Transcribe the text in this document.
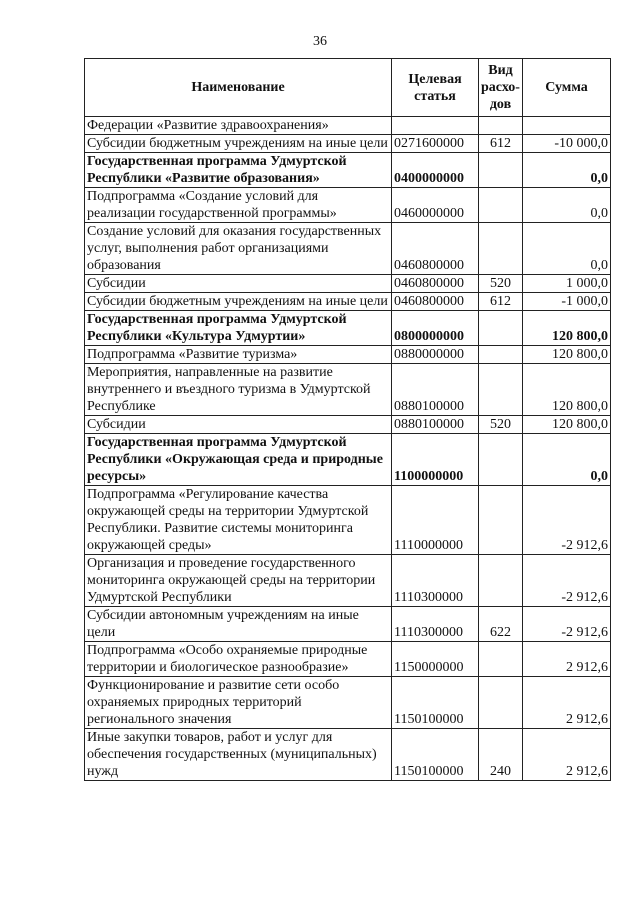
36
Наименование	Целевая статья	Вид расхо-дов	Сумма
Федерации «Развитие здравоохранения»			
Субсидии бюджетным учреждениям на иные цели	0271600000	612	-10 000,0
Государственная программа Удмуртской Республики «Развитие образования»	0400000000		0,0
Подпрограмма «Создание условий для реализации государственной программы»	0460000000		0,0
Создание условий для оказания государственных услуг, выполнения работ организациями образования	0460800000		0,0
Субсидии	0460800000	520	1 000,0
Субсидии бюджетным учреждениям на иные цели	0460800000	612	-1 000,0
Государственная программа Удмуртской Республики «Культура Удмуртии»	0800000000		120 800,0
Подпрограмма «Развитие туризма»	0880000000		120 800,0
Мероприятия, направленные на развитие внутреннего и въездного туризма в Удмуртской Республике	0880100000		120 800,0
Субсидии	0880100000	520	120 800,0
Государственная программа Удмуртской Республики «Окружающая среда и природные ресурсы»	1100000000		0,0
Подпрограмма «Регулирование качества окружающей среды на территории Удмуртской Республики. Развитие системы мониторинга окружающей среды»	1110000000		-2 912,6
Организация и проведение государственного мониторинга окружающей среды на территории Удмуртской Республики	1110300000		-2 912,6
Субсидии автономным учреждениям на иные цели	1110300000	622	-2 912,6
Подпрограмма «Особо охраняемые природные территории и биологическое разнообразие»	1150000000		2 912,6
Функционирование и развитие сети особо охраняемых природных территорий регионального значения	1150100000		2 912,6
Иные закупки товаров, работ и услуг для обеспечения государственных (муниципальных) нужд	1150100000	240	2 912,6
